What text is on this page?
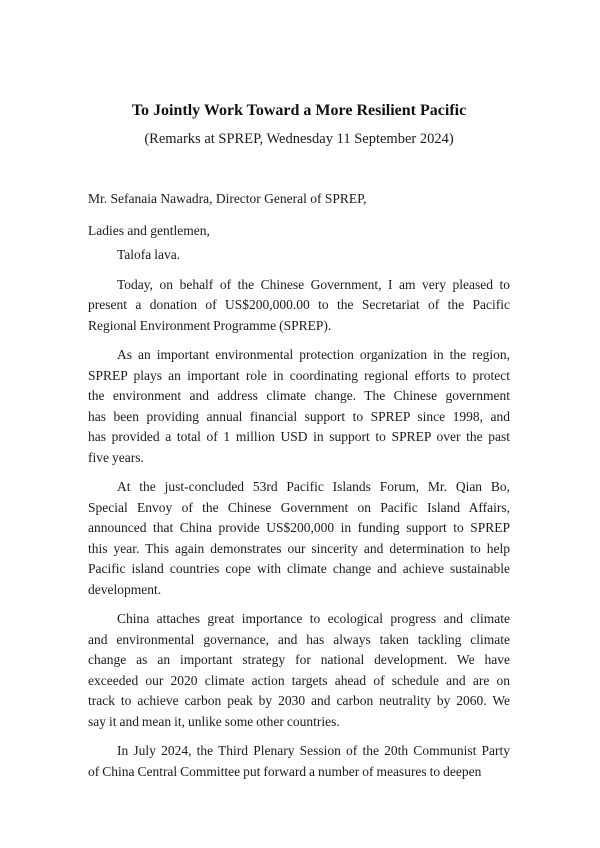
To Jointly Work Toward a More Resilient Pacific
(Remarks at SPREP, Wednesday 11 September 2024)
Mr. Sefanaia Nawadra, Director General of SPREP,
Ladies and gentlemen,
Talofa lava.
Today, on behalf of the Chinese Government, I am very pleased to
present a donation of US$200,000.00 to the Secretariat of the Pacific
Regional Environment Programme (SPREP).
As an important environmental protection organization in the region,
SPREP plays an important role in coordinating regional efforts to protect
the environment and address climate change. The Chinese government
has been providing annual financial support to SPREP since 1998, and
has provided a total of 1 million USD in support to SPREP over the past
five years.
At the just-concluded 53rd Pacific Islands Forum, Mr. Qian Bo,
Special Envoy of the Chinese Government on Pacific Island Affairs,
announced that China provide US$200,000 in funding support to SPREP
this year. This again demonstrates our sincerity and determination to help
Pacific island countries cope with climate change and achieve sustainable
development.
China attaches great importance to ecological progress and climate
and environmental governance, and has always taken tackling climate
change as an important strategy for national development. We have
exceeded our 2020 climate action targets ahead of schedule and are on
track to achieve carbon peak by 2030 and carbon neutrality by 2060. We
say it and mean it, unlike some other countries.
In July 2024, the Third Plenary Session of the 20th Communist Party
of China Central Committee put forward a number of measures to deepen
